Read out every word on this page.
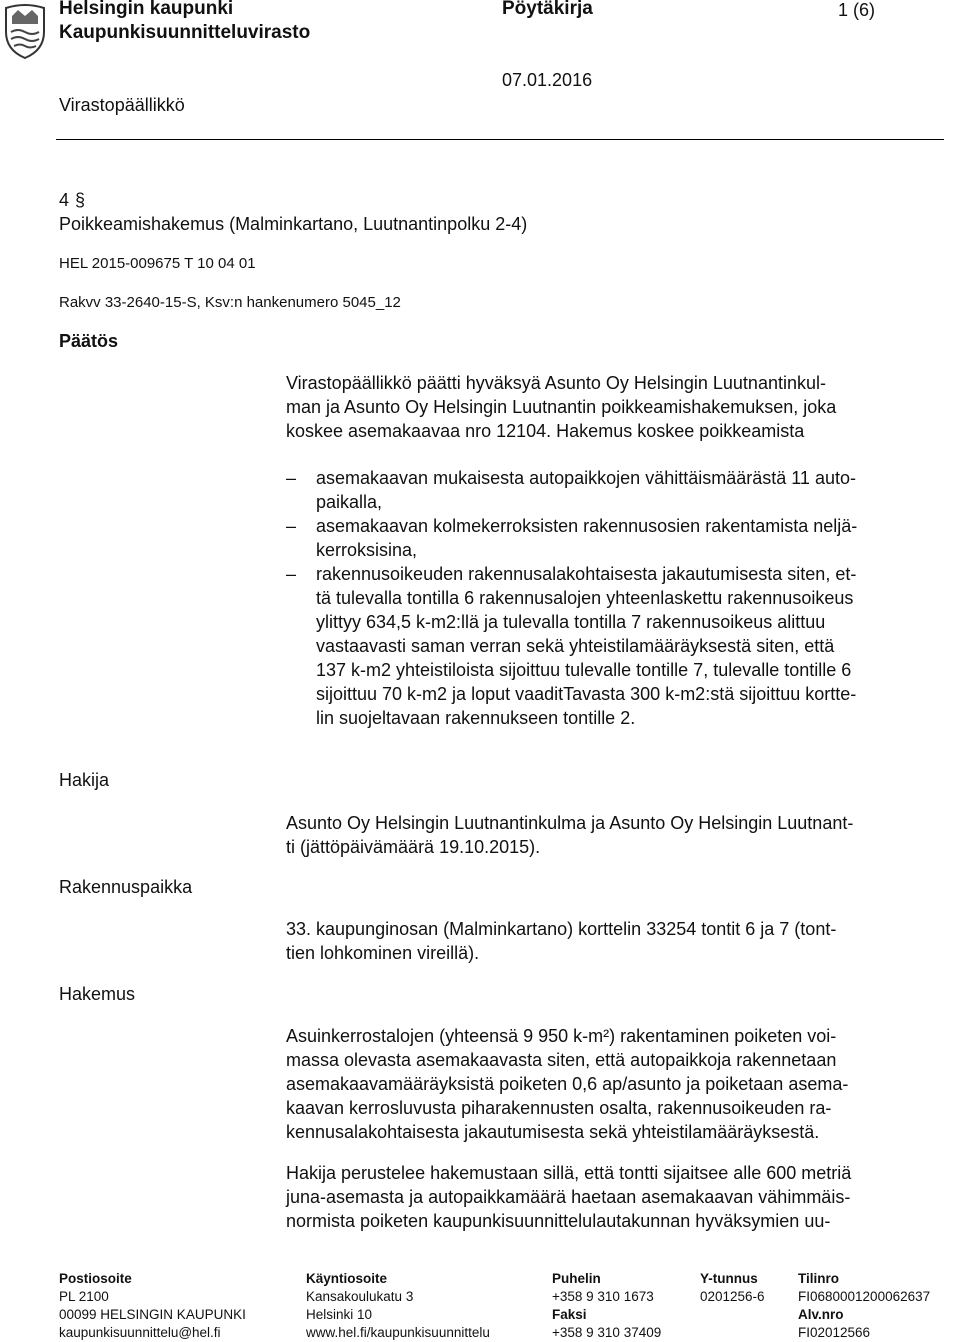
Helsingin kaupunki
Kaupunkisuunnitteluvirasto
Pöytäkirja	1 (6)
07.01.2016
Virastopäällikkö
4 §
Poikkeamishakemus (Malminkartano, Luutnantinpolku 2-4)
HEL 2015-009675 T 10 04 01
Rakvv 33-2640-15-S, Ksv:n hankenumero 5045_12
Päätös
Virastopäällikkö päätti hyväksyä Asunto Oy Helsingin Luutnantinkul-
man ja Asunto Oy Helsingin Luutnantin poikkeamishakemuksen, joka
koskee asemakaavaa nro 12104. Hakemus koskee poikkeamista
– asemakaavan mukaisesta autopaikkojen vähittäismäärästä 11 auto-
paikalla,
– asemakaavan kolmekerroksisten rakennusosien rakentamista neljä-
kerroksisina,
– rakennusoikeuden rakennusalakohtaisesta jakautumisesta siten, et-
tä tulevalla tontilla 6 rakennusalojen yhteenlaskettu rakennusoikeus
ylittyy 634,5 k-m2:llä ja tulevalla tontilla 7 rakennusoikeus alittuu
vastaavasti saman verran sekä yhteistilamääräyksestä siten, että
137 k-m2 yhteistiloista sijoittuu tulevalle tontille 7, tulevalle tontille 6
sijoittuu 70 k-m2 ja loput vaaditTavasta 300 k-m2:stä sijoittuu kortte-
lin suojeltavaan rakennukseen tontille 2.
Hakija
Rakennuspaikka
Hakemus
Asunto Oy Helsingin Luutnantinkulma ja Asunto Oy Helsingin Luutnant-
ti (jättöpäivämäärä 19.10.2015).
33. kaupunginosan (Malminkartano) korttelin 33254 tontit 6 ja 7 (tont-
tien lohkominen vireillä).
Asuinkerrostalojen (yhteensä 9 950 k-m²) rakentaminen poiketen voi-
massa olevasta asemakaavasta siten, että autopaikkoja rakennetaan
asemakaavamääräyksistä poiketen 0,6 ap/asunto ja poiketaan asema-
kaavan kerrosluvusta piharakennusten osalta, rakennusoikeuden ra-
kennusalakohtaisesta jakautumisesta sekä yhteistilamääräyksestä.
Hakija perustelee hakemustaan sillä, että tontti sijaitsee alle 600 metriä
juna-asemasta ja autopaikkamäärä haetaan asemakaavan vähimmäis-
normista poiketen kaupunkisuunnittelulautakunnan hyväksymien uu-
Postiosoite
PL 2100
00099 HELSINGIN KAUPUNKI
kaupunkisuunnittelu@hel.fi
Käyntiosoite
Kansakoulukatu 3
Helsinki 10
www.hel.fi/kaupunkisuunnittelu
Puhelin
+358 9 310 1673
Faksi
+358 9 310 37409
Y-tunnus
0201256-6
Tilinro
FI0680001200062637
Alv.nro
FI02012566
